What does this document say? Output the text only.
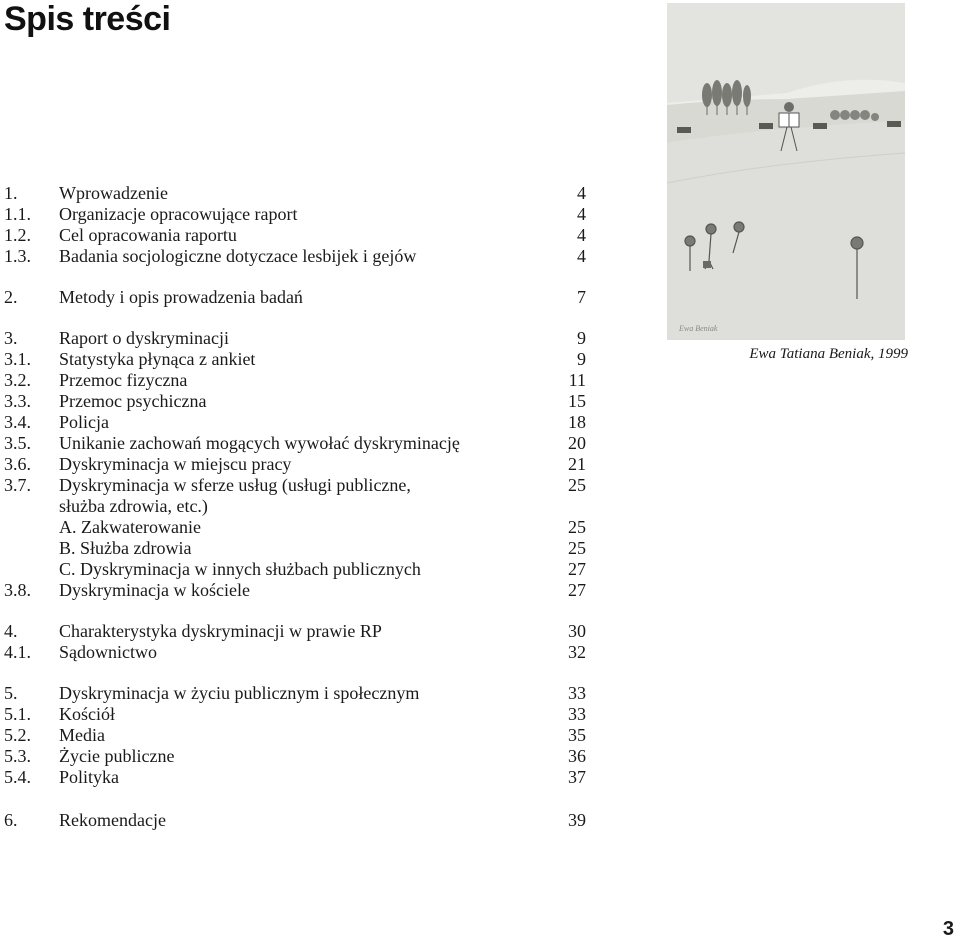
Spis treści
1. Wprowadzenie	4
1.1. Organizacje opracowujące raport	4
1.2. Cel opracowania raportu	4
1.3. Badania socjologiczne dotyczace lesbijek i gejów	4
2. Metody i opis prowadzenia badań	7
3. Raport o dyskryminacji	9
3.1. Statystyka płynąca z ankiet	9
3.2. Przemoc fizyczna	11
3.3. Przemoc psychiczna	15
3.4. Policja	18
3.5. Unikanie zachowań mogących wywołać dyskryminację	20
3.6. Dyskryminacja w miejscu pracy	21
3.7. Dyskryminacja w sferze usług (usługi publiczne,	25
służba zdrowia, etc.)
A. Zakwaterowanie	25
B. Służba zdrowia	25
C. Dyskryminacja w innych służbach publicznych	27
3.8. Dyskryminacja w kościele	27
4. Charakterystyka dyskryminacji w prawie RP	30
4.1. Sądownictwo	32
5. Dyskryminacja w życiu publicznym i społecznym	33
5.1. Kościół	33
5.2. Media	35
5.3. Życie publiczne	36
5.4. Polityka	37
6. Rekomendacje	39
Ewa Beniak
Ewa Tatiana Beniak, 1999

3
